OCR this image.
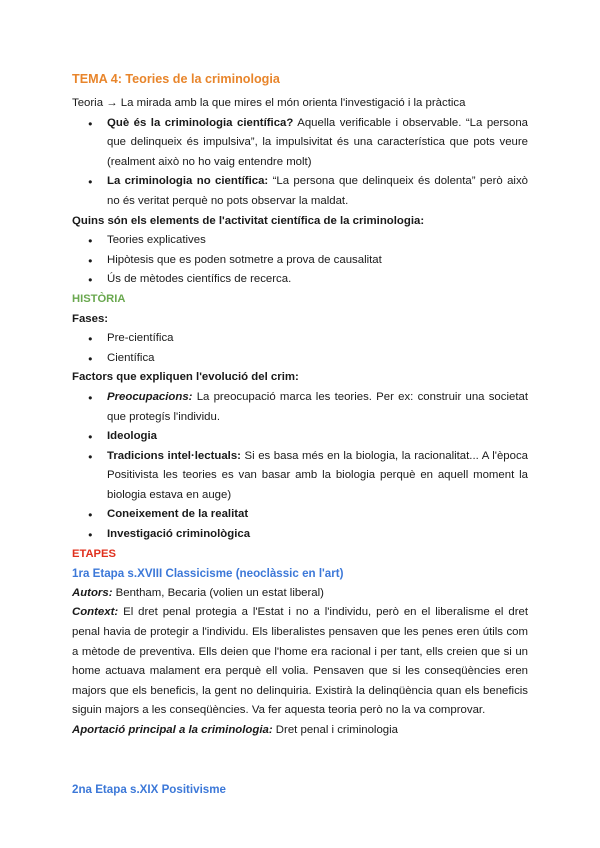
TEMA 4: Teories de la criminologia

Teoria → La mirada amb la que mires el món orienta l'investigació i la pràctica

● Què és la criminologia científica? Aquella verificable i observable. “La persona que delinqueix és impulsiva”, la impulsivitat és una característica que pots veure (realment això no ho vaig entendre molt)
● La criminologia no científica: “La persona que delinqueix és dolenta” però això no és veritat perquè no pots observar la maldat.

Quins són els elements de l'activitat científica de la criminologia:

● Teories explicatives
● Hipòtesis que es poden sotmetre a prova de causalitat
● Ús de mètodes científics de recerca.

HISTÒRIA

Fases:

● Pre-científica
● Científica

Factors que expliquen l'evolució del crim:

● Preocupacions: La preocupació marca les teories. Per ex: construir una societat que protegís l'individu.
● Ideologia
● Tradicions intel·lectuals: Si es basa més en la biologia, la racionalitat... A l'època Positivista les teories es van basar amb la biologia perquè en aquell moment la biologia estava en auge)
● Coneixement de la realitat
● Investigació criminològica

ETAPES

1ra Etapa s.XVIII Classicisme (neoclàssic en l'art)

Autors: Bentham, Becaria (volien un estat liberal)

Context: El dret penal protegia a l'Estat i no a l'individu, però en el liberalisme el dret penal havia de protegir a l'individu. Els liberalistes pensaven que les penes eren útils com a mètode de preventiva. Ells deien que l'home era racional i per tant, ells creien que si un home actuava malament era perquè ell volia. Pensaven que si les conseqüències eren majors que els beneficis, la gent no delinquiria. Existirà la delinqüència quan els beneficis siguin majors a les conseqüències. Va fer aquesta teoria però no la va comprovar.

Aportació principal a la criminologia: Dret penal i criminologia

2na Etapa s.XIX Positivisme
